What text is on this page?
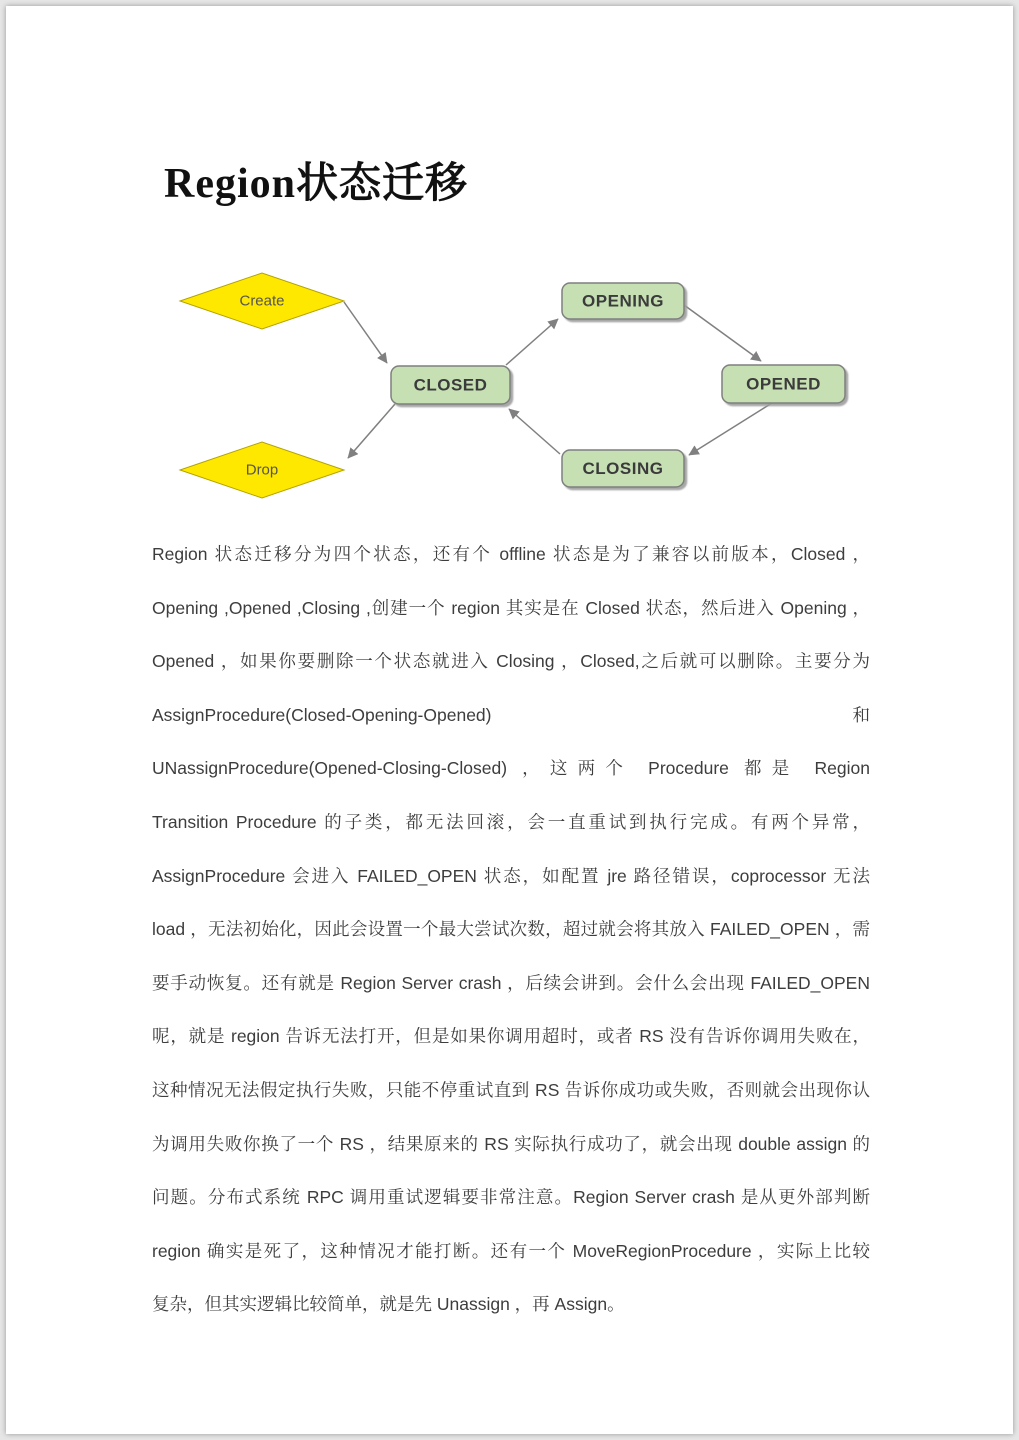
Region状态迁移
Create
Drop
CLOSED
OPENING
OPENED
CLOSING
Region 状态迁移分为四个状态，还有个 offline 状态是为了兼容以前版本，Closed ，
Opening ,Opened ,Closing ,创建一个 region 其实是在 Closed 状态，然后进入 Opening ，
Opened ，如果你要删除一个状态就进入 Closing ，Closed,之后就可以删除。主要分为
AssignProcedure(Closed-Opening-Opened) 和
UNassignProcedure(Opened-Closing-Closed) ，这两个 Procedure 都是 Region
Transition Procedure 的子类，都无法回滚，会一直重试到执行完成。有两个异常，
AssignProcedure 会进入 FAILED_OPEN 状态，如配置 jre 路径错误，coprocessor 无法
load ，无法初始化，因此会设置一个最大尝试次数，超过就会将其放入 FAILED_OPEN ，需
要手动恢复。还有就是 Region Server crash ，后续会讲到。会什么会出现 FAILED_OPEN
呢，就是 region 告诉无法打开，但是如果你调用超时，或者 RS 没有告诉你调用失败在，
这种情况无法假定执行失败，只能不停重试直到 RS 告诉你成功或失败，否则就会出现你认
为调用失败你换了一个 RS ，结果原来的 RS 实际执行成功了，就会出现 double assign 的
问题。分布式系统 RPC 调用重试逻辑要非常注意。Region Server crash 是从更外部判断
region 确实是死了，这种情况才能打断。还有一个 MoveRegionProcedure ，实际上比较
复杂，但其实逻辑比较简单，就是先 Unassign ，再 Assign。
